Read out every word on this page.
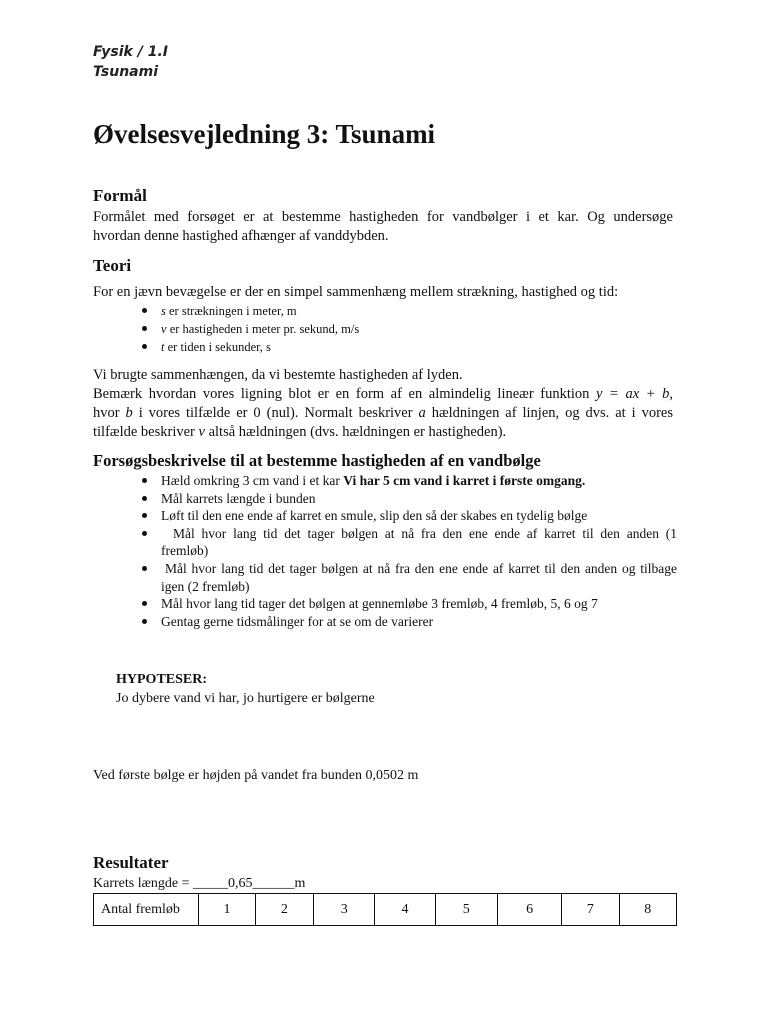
Fysik / 1.I
Tsunami
Øvelsesvejledning 3: Tsunami
Formål

Formålet med forsøget er at bestemme hastigheden for vandbølger i et kar. Og undersøge
hvordan denne hastighed afhænger af vanddybden.

Teori

For en jævn bevægelse er der en simpel sammenhæng mellem strækning, hastighed og tid:

s er strækningen i meter, m
v er hastigheden i meter pr. sekund, m/s
t er tiden i sekunder, s

Vi brugte sammenhængen, da vi bestemte hastigheden af lyden.
Bemærk hvordan vores ligning blot er en form af en almindelig lineær funktion y = ax + b,
hvor b i vores tilfælde er 0 (nul). Normalt beskriver a hældningen af linjen, og dvs. at i vores
tilfælde beskriver v altså hældningen (dvs. hældningen er hastigheden).

Forsøgsbeskrivelse til at bestemme hastigheden af en vandbølge
Hæld omkring 3 cm vand i et kar Vi har 5 cm vand i karret i første omgang.
Mål karrets længde i bunden
Løft til den ene ende af karret en smule, slip den så der skabes en tydelig bølge
Mål hvor lang tid det tager bølgen at nå fra den ene ende af karret til den anden (1
fremløb)
Mål hvor lang tid det tager bølgen at nå fra den ene ende af karret til den anden og tilbage
igen (2 fremløb)
Mål hvor lang tid tager det bølgen at gennemløbe 3 fremløb, 4 fremløb, 5, 6 og 7
Gentag gerne tidsmålinger for at se om de varierer
HYPOTESER:
Jo dybere vand vi har, jo hurtigere er bølgerne
Ved første bølge er højden på vandet fra bunden 0,0502 m
Resultater
Karrets længde = _____0,65______m
Antal fremløb	1	2	3	4	5	6	7	8
